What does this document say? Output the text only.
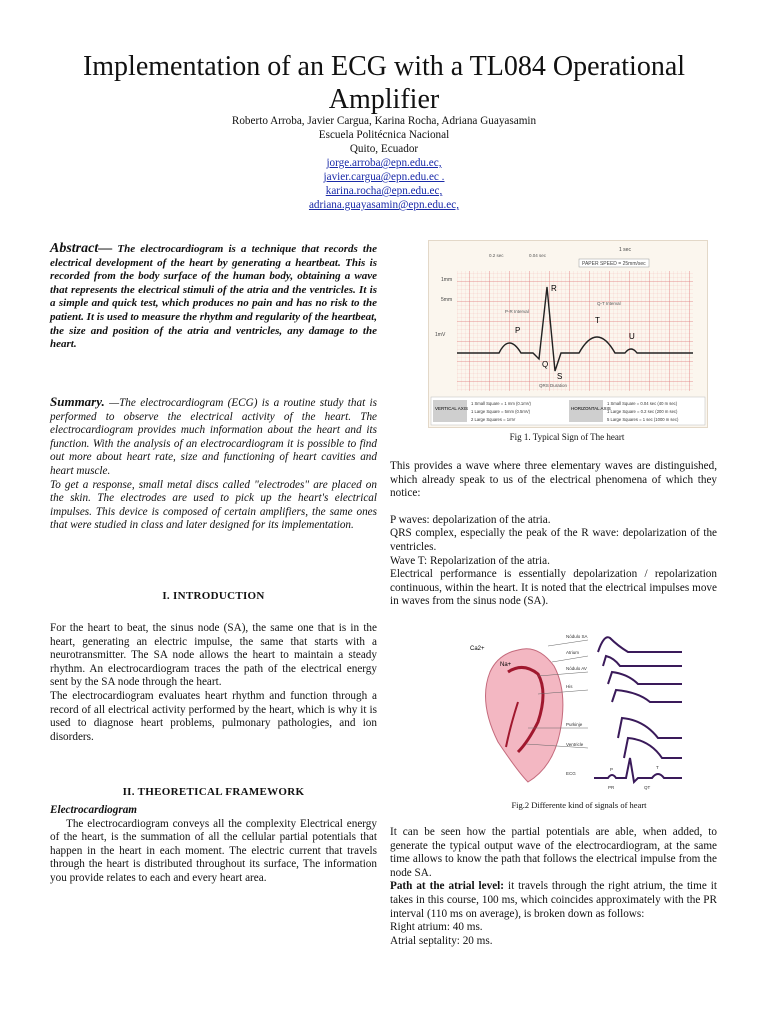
Implementation of an ECG with a TL084 Operational Amplifier
Roberto Arroba, Javier Cargua, Karina Rocha, Adriana Guayasamin
Escuela Politécnica Nacional
Quito, Ecuador
jorge.arroba@epn.edu.ec,
javier.cargua@epn.edu.ec .
karina.rocha@epn.edu.ec,
adriana.guayasamin@epn.edu.ec,
Abstract— The electrocardiogram is a technique that records the electrical development of the heart by generating a heartbeat. This is recorded from the body surface of the human body, obtaining a wave that represents the electrical stimuli of the atria and the ventricles. It is a simple and quick test, which produces no pain and has no risk to the patient. It is used to measure the rhythm and regularity of the heartbeat, the size and position of the atria and ventricles, any damage to the heart.

Summary. —The electrocardiogram (ECG) is a routine study that is performed to observe the electrical activity of the heart. The electrocardiogram provides much information about the heart and its function. With the analysis of an electrocardiogram it is possible to find out more about heart rate, size and functioning of heart cavities and heart muscle.

To get a response, small metal discs called "electrodes" are placed on the skin. The electrodes are used to pick up the heart's electrical impulses. This device is composed of certain amplifiers, the same ones that were studied in class and later designed for its implementation.

I. INTRODUCTION

For the heart to beat, the sinus node (SA), the same one that is in the heart, generating an electric impulse, the same that starts with a neurotransmitter. The SA node allows the heart to maintain a steady rhythm. An electrocardiogram traces the path of the electrical energy sent by the SA node through the heart.

The electrocardiogram evaluates heart rhythm and function through a record of all electrical activity performed by the heart, which is why it is used to diagnose heart problems, pulmonary pathologies, and ion disorders.

II. THEORETICAL FRAMEWORK

Electrocardiogram

The electrocardiogram conveys all the complexity Electrical energy of the heart, is the summation of all the cellular partial potentials that happen in the heart in each moment. The electric current that travels through the heart is distributed throughout its surface, The information you provide relates to each and every heart area.

P
Q
R
S
T
U
PAPER SPEED = 25mm/sec
1 sec
1mV
5mm
1mm
P-R Interval
Q-T Interval
QRS Duration
0.2 sec	0.04 sec
VERTICAL AXIS	HORIZONTAL AXIS
1 Small Square = 1 mm (0.1mV)
1 Large Square = 5mm (0.5mV)
2 Large Squares = 1mV
1 Small Square = 0.04 sec (40 m sec)
1 Large Square = 0.2 sec (200 m sec)
5 Large Squares = 1 sec (1000 m sec)
Fig 1. Typical Sign of The heart

This provides a wave where three elementary waves are distinguished, which already speak to us of the electrical phenomena of which they notice:

P waves: depolarization of the atria.

QRS complex, especially the peak of the R wave: depolarization of the ventricles.

Wave T: Repolarization of the atria.

Electrical performance is essentially depolarization / repolarization continuous, within the heart. It is noted that the electrical impulses move in waves from the sinus node (SA).

Na+
Ca2+
Nódulo SA
Atrium
Nódulo AV
His
Purkinje
Ventricle
ECG
PR	QT
P	T
Fig.2 Differente kind of signals of heart

It can be seen how the partial potentials are able, when added, to generate the typical output wave of the electrocardiogram, at the same time allows to know the path that follows the electrical impulse from the node SA.

Path at the atrial level: it travels through the right atrium, the time it takes in this course, 100 ms, which coincides approximately with the PR interval (110 ms on average), is broken down as follows:

Right atrium: 40 ms.

Atrial septality: 20 ms.
